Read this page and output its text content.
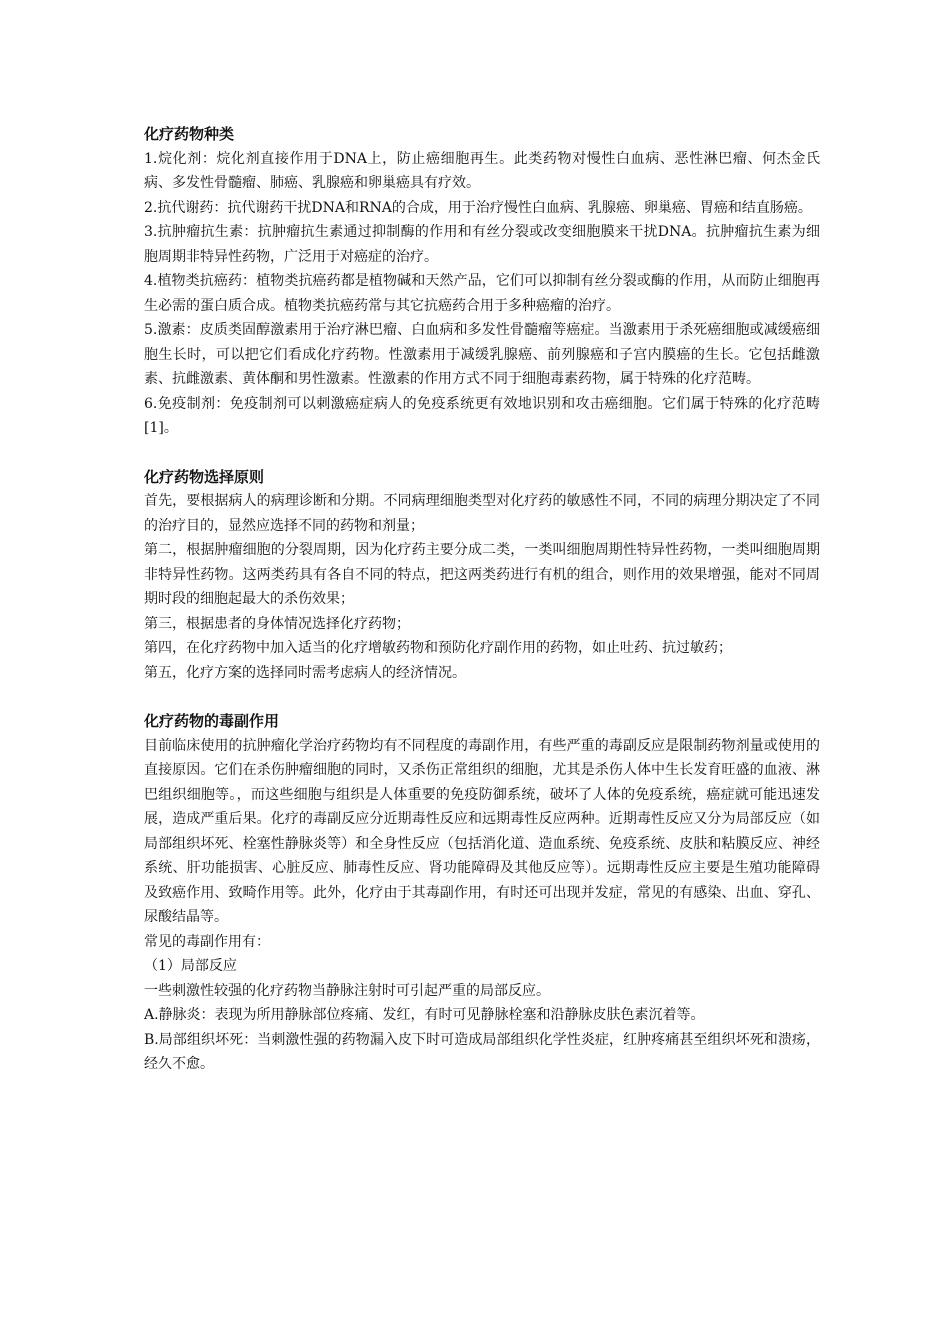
化疗药物种类

1.烷化剂：烷化剂直接作用于DNA上，防止癌细胞再生。此类药物对慢性白血病、恶性淋巴瘤、何杰金氏病、多发性骨髓瘤、肺癌、乳腺癌和卵巢癌具有疗效。

2.抗代谢药：抗代谢药干扰DNA和RNA的合成，用于治疗慢性白血病、乳腺癌、卵巢癌、胃癌和结直肠癌。

3.抗肿瘤抗生素：抗肿瘤抗生素通过抑制酶的作用和有丝分裂或改变细胞膜来干扰DNA。抗肿瘤抗生素为细胞周期非特异性药物，广泛用于对癌症的治疗。

4.植物类抗癌药：植物类抗癌药都是植物碱和天然产品，它们可以抑制有丝分裂或酶的作用，从而防止细胞再生必需的蛋白质合成。植物类抗癌药常与其它抗癌药合用于多种癌瘤的治疗。

5.激素：皮质类固醇激素用于治疗淋巴瘤、白血病和多发性骨髓瘤等癌症。当激素用于杀死癌细胞或减缓癌细胞生长时，可以把它们看成化疗药物。性激素用于减缓乳腺癌、前列腺癌和子宫内膜癌的生长。它包括雌激素、抗雌激素、黄体酮和男性激素。性激素的作用方式不同于细胞毒素药物，属于特殊的化疗范畴。

6.免疫制剂：免疫制剂可以刺激癌症病人的免疫系统更有效地识别和攻击癌细胞。它们属于特殊的化疗范畴[1]。

化疗药物选择原则

首先，要根据病人的病理诊断和分期。不同病理细胞类型对化疗药的敏感性不同，不同的病理分期决定了不同的治疗目的，显然应选择不同的药物和剂量；

第二，根据肿瘤细胞的分裂周期，因为化疗药主要分成二类，一类叫细胞周期性特异性药物，一类叫细胞周期非特异性药物。这两类药具有各自不同的特点，把这两类药进行有机的组合，则作用的效果增强，能对不同周期时段的细胞起最大的杀伤效果；

第三，根据患者的身体情况选择化疗药物；

第四，在化疗药物中加入适当的化疗增敏药物和预防化疗副作用的药物，如止吐药、抗过敏药；

第五，化疗方案的选择同时需考虑病人的经济情况。

化疗药物的毒副作用

目前临床使用的抗肿瘤化学治疗药物均有不同程度的毒副作用，有些严重的毒副反应是限制药物剂量或使用的直接原因。它们在杀伤肿瘤细胞的同时，又杀伤正常组织的细胞，尤其是杀伤人体中生长发育旺盛的血液、淋巴组织细胞等。，而这些细胞与组织是人体重要的免疫防御系统，破坏了人体的免疫系统，癌症就可能迅速发展，造成严重后果。化疗的毒副反应分近期毒性反应和远期毒性反应两种。近期毒性反应又分为局部反应（如局部组织坏死、栓塞性静脉炎等）和全身性反应（包括消化道、造血系统、免疫系统、皮肤和粘膜反应、神经系统、肝功能损害、心脏反应、肺毒性反应、肾功能障碍及其他反应等）。远期毒性反应主要是生殖功能障碍及致癌作用、致畸作用等。此外，化疗由于其毒副作用，有时还可出现并发症，常见的有感染、出血、穿孔、尿酸结晶等。

常见的毒副作用有：

（1）局部反应

一些刺激性较强的化疗药物当静脉注射时可引起严重的局部反应。

A.静脉炎：表现为所用静脉部位疼痛、发红，有时可见静脉栓塞和沿静脉皮肤色素沉着等。

B.局部组织坏死：当刺激性强的药物漏入皮下时可造成局部组织化学性炎症，红肿疼痛甚至组织坏死和溃疡，经久不愈。
